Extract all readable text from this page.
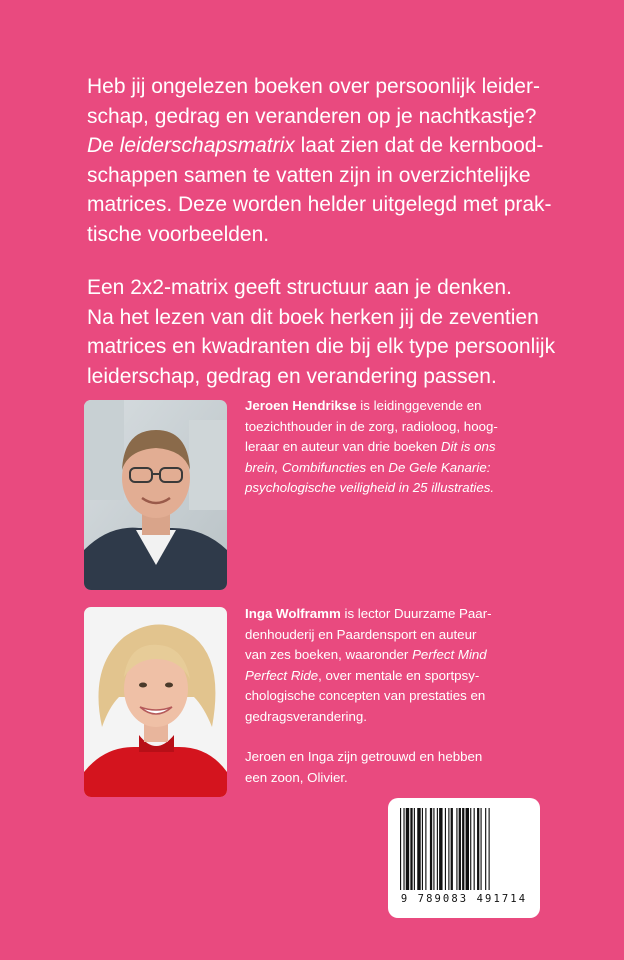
Heb jij ongelezen boeken over persoonlijk leider-
schap, gedrag en veranderen op je nachtkastje?
De leiderschapsmatrix laat zien dat de kernbood-
schappen samen te vatten zijn in overzichtelijke
matrices. Deze worden helder uitgelegd met prak-
tische voorbeelden.

Een 2x2-matrix geeft structuur aan je denken.
Na het lezen van dit boek herken jij de zeventien
matrices en kwadranten die bij elk type persoonlijk
leiderschap, gedrag en verandering passen.

Jeroen Hendrikse is leidinggevende en
toezichthouder in de zorg, radioloog, hoog-
leraar en auteur van drie boeken Dit is ons
brein, Combifuncties en De Gele Kanarie:
psychologische veiligheid in 25 illustraties.

Inga Wolframm is lector Duurzame Paar-
denhouderij en Paardensport en auteur
van zes boeken, waaronder Perfect Mind
Perfect Ride, over mentale en sportpsy-
chologische concepten van prestaties en
gedragsverandering.

Jeroen en Inga zijn getrouwd en hebben
een zoon, Olivier.

9 789083 491714
